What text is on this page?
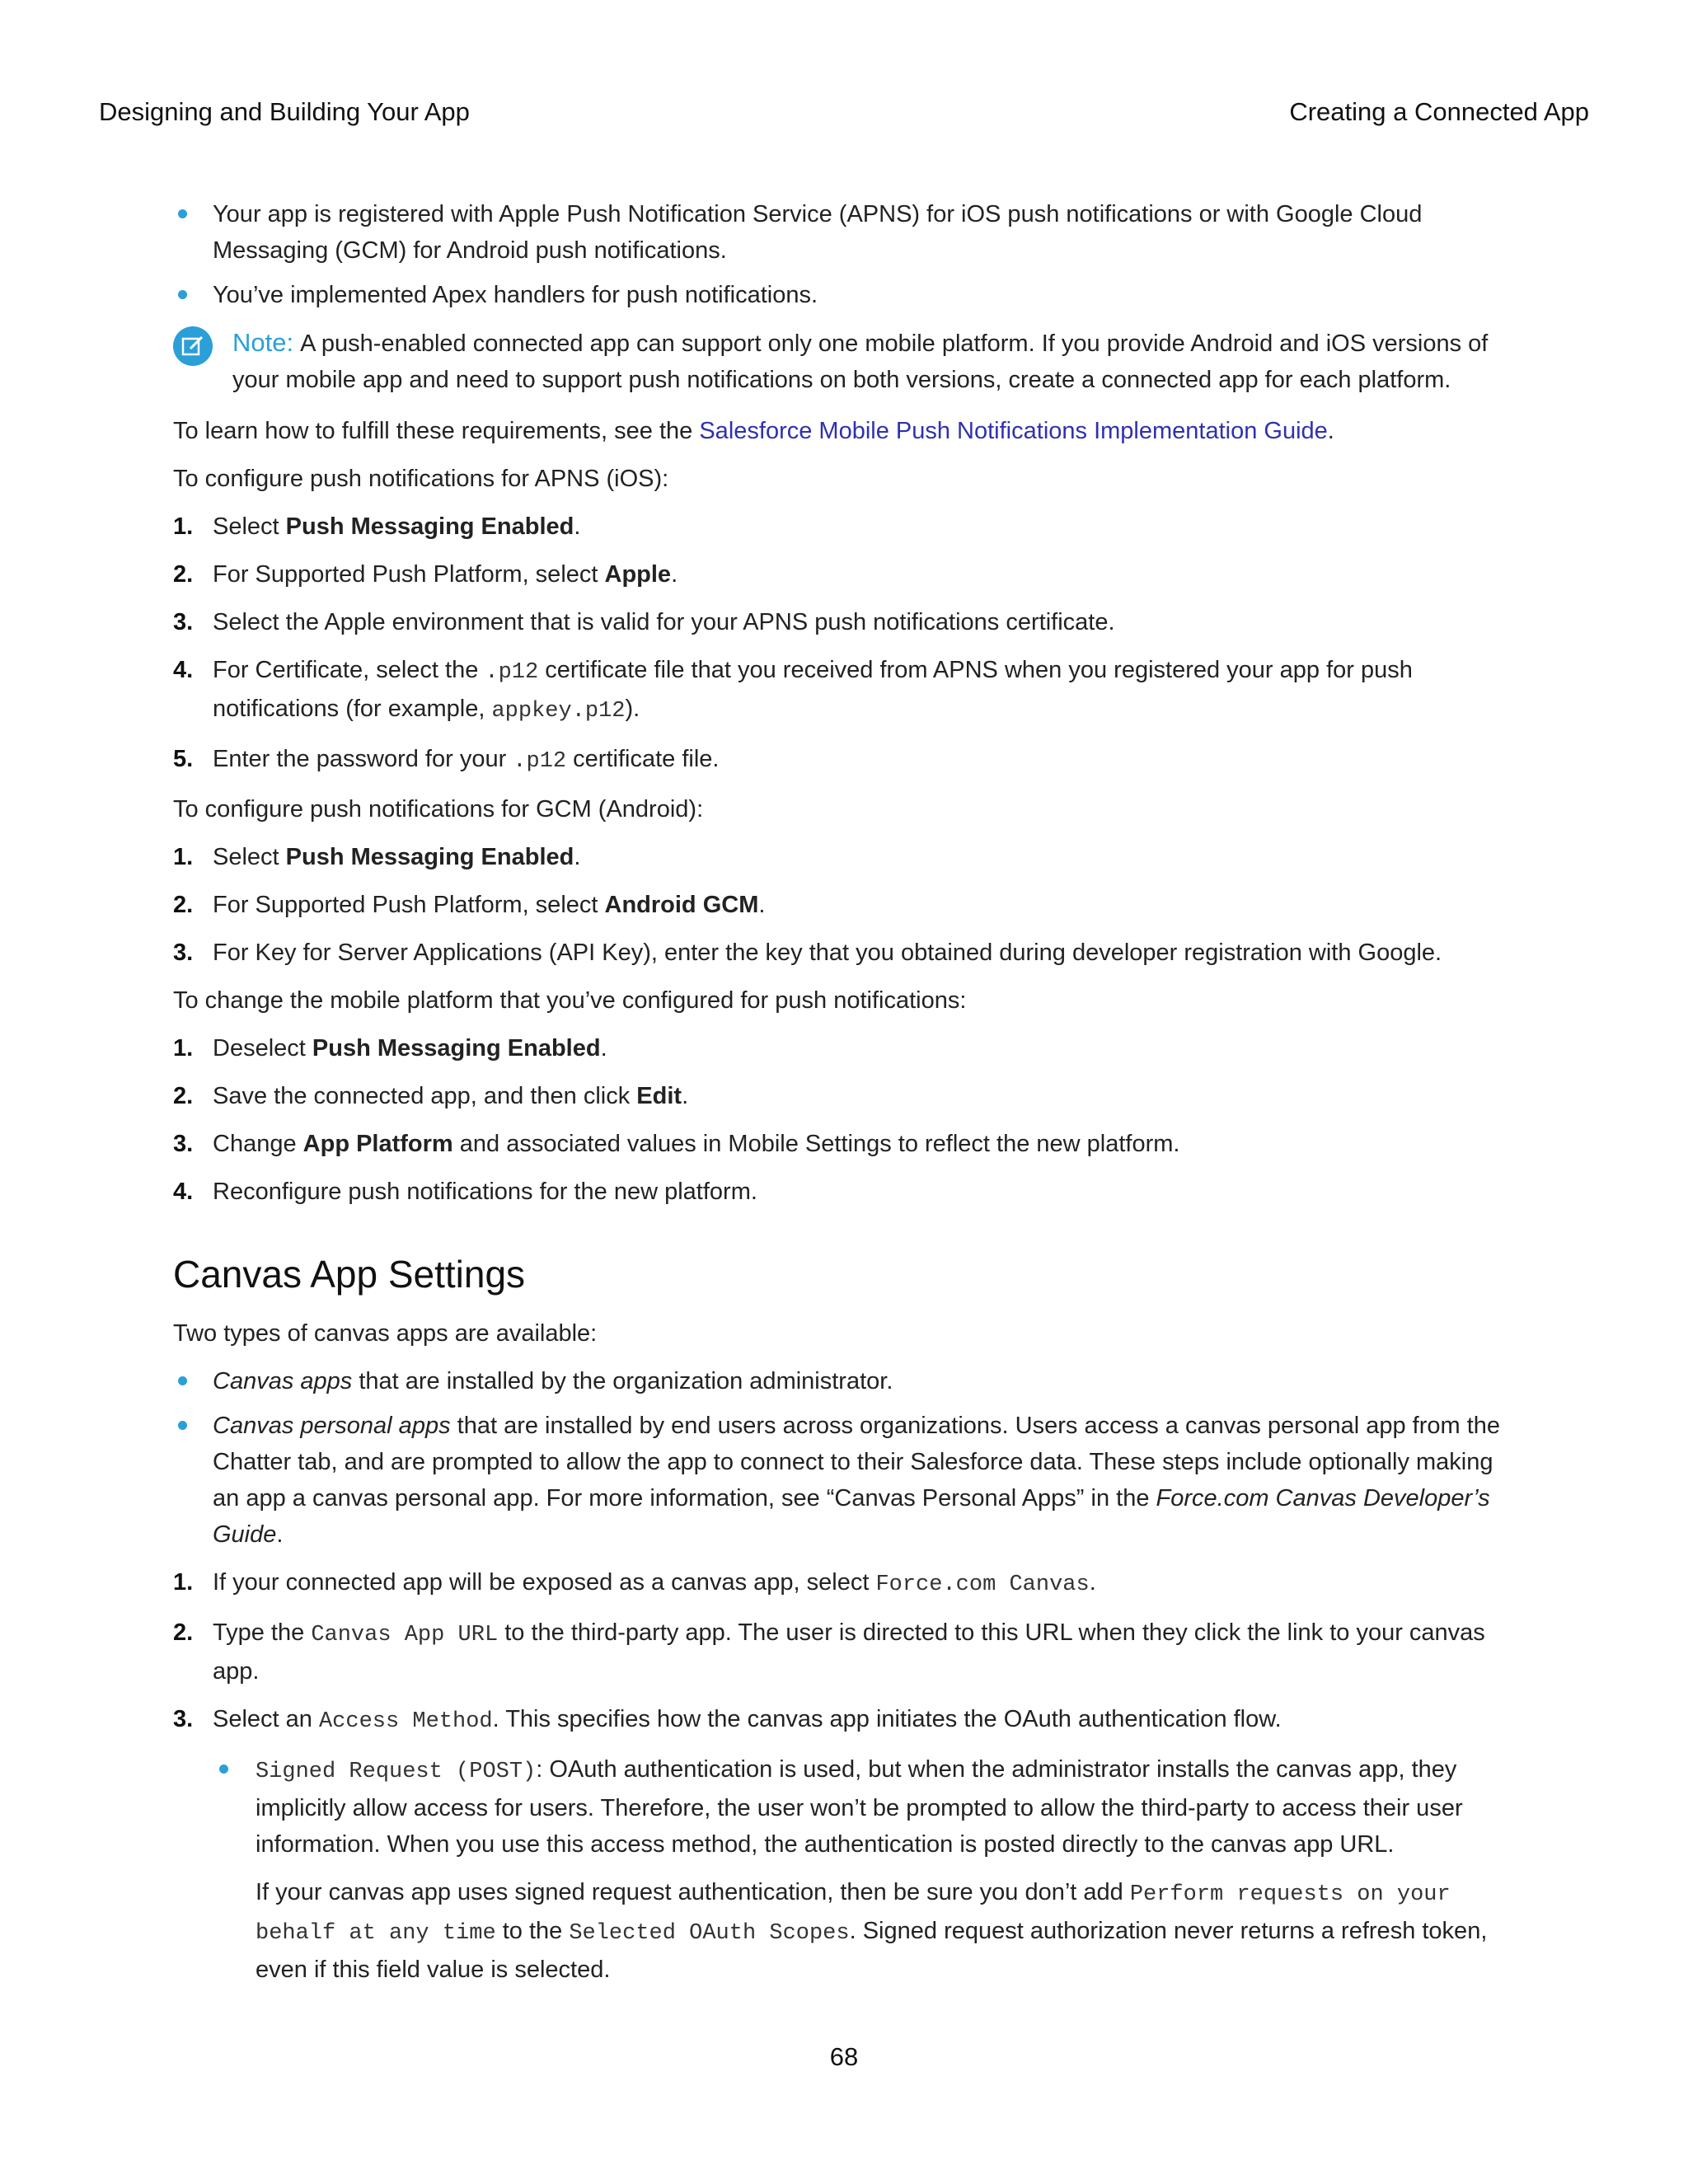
Designing and Building Your App	Creating a Connected App
Your app is registered with Apple Push Notification Service (APNS) for iOS push notifications or with Google Cloud Messaging (GCM) for Android push notifications.
You’ve implemented Apex handlers for push notifications.
Note: A push-enabled connected app can support only one mobile platform. If you provide Android and iOS versions of your mobile app and need to support push notifications on both versions, create a connected app for each platform.

To learn how to fulfill these requirements, see the Salesforce Mobile Push Notifications Implementation Guide.

To configure push notifications for APNS (iOS):

1. Select Push Messaging Enabled.
2. For Supported Push Platform, select Apple.
3. Select the Apple environment that is valid for your APNS push notifications certificate.
4. For Certificate, select the .p12 certificate file that you received from APNS when you registered your app for push notifications (for example, appkey.p12).
5. Enter the password for your .p12 certificate file.

To configure push notifications for GCM (Android):

1. Select Push Messaging Enabled.
2. For Supported Push Platform, select Android GCM.
3. For Key for Server Applications (API Key), enter the key that you obtained during developer registration with Google.

To change the mobile platform that you’ve configured for push notifications:

1. Deselect Push Messaging Enabled.
2. Save the connected app, and then click Edit.
3. Change App Platform and associated values in Mobile Settings to reflect the new platform.
4. Reconfigure push notifications for the new platform.
Canvas App Settings

Two types of canvas apps are available:

Canvas apps that are installed by the organization administrator.
Canvas personal apps that are installed by end users across organizations. Users access a canvas personal app from the Chatter tab, and are prompted to allow the app to connect to their Salesforce data. These steps include optionally making an app a canvas personal app. For more information, see “Canvas Personal Apps” in the Force.com Canvas Developer’s Guide.
1. If your connected app will be exposed as a canvas app, select Force.com Canvas.
2. Type the Canvas App URL to the third-party app. The user is directed to this URL when they click the link to your canvas app.
3. Select an Access Method. This specifies how the canvas app initiates the OAuth authentication flow.
Signed Request (POST): OAuth authentication is used, but when the administrator installs the canvas app, they implicitly allow access for users. Therefore, the user won’t be prompted to allow the third-party to access their user information. When you use this access method, the authentication is posted directly to the canvas app URL.

If your canvas app uses signed request authentication, then be sure you don’t add Perform requests on your behalf at any time to the Selected OAuth Scopes. Signed request authorization never returns a refresh token, even if this field value is selected.

68
